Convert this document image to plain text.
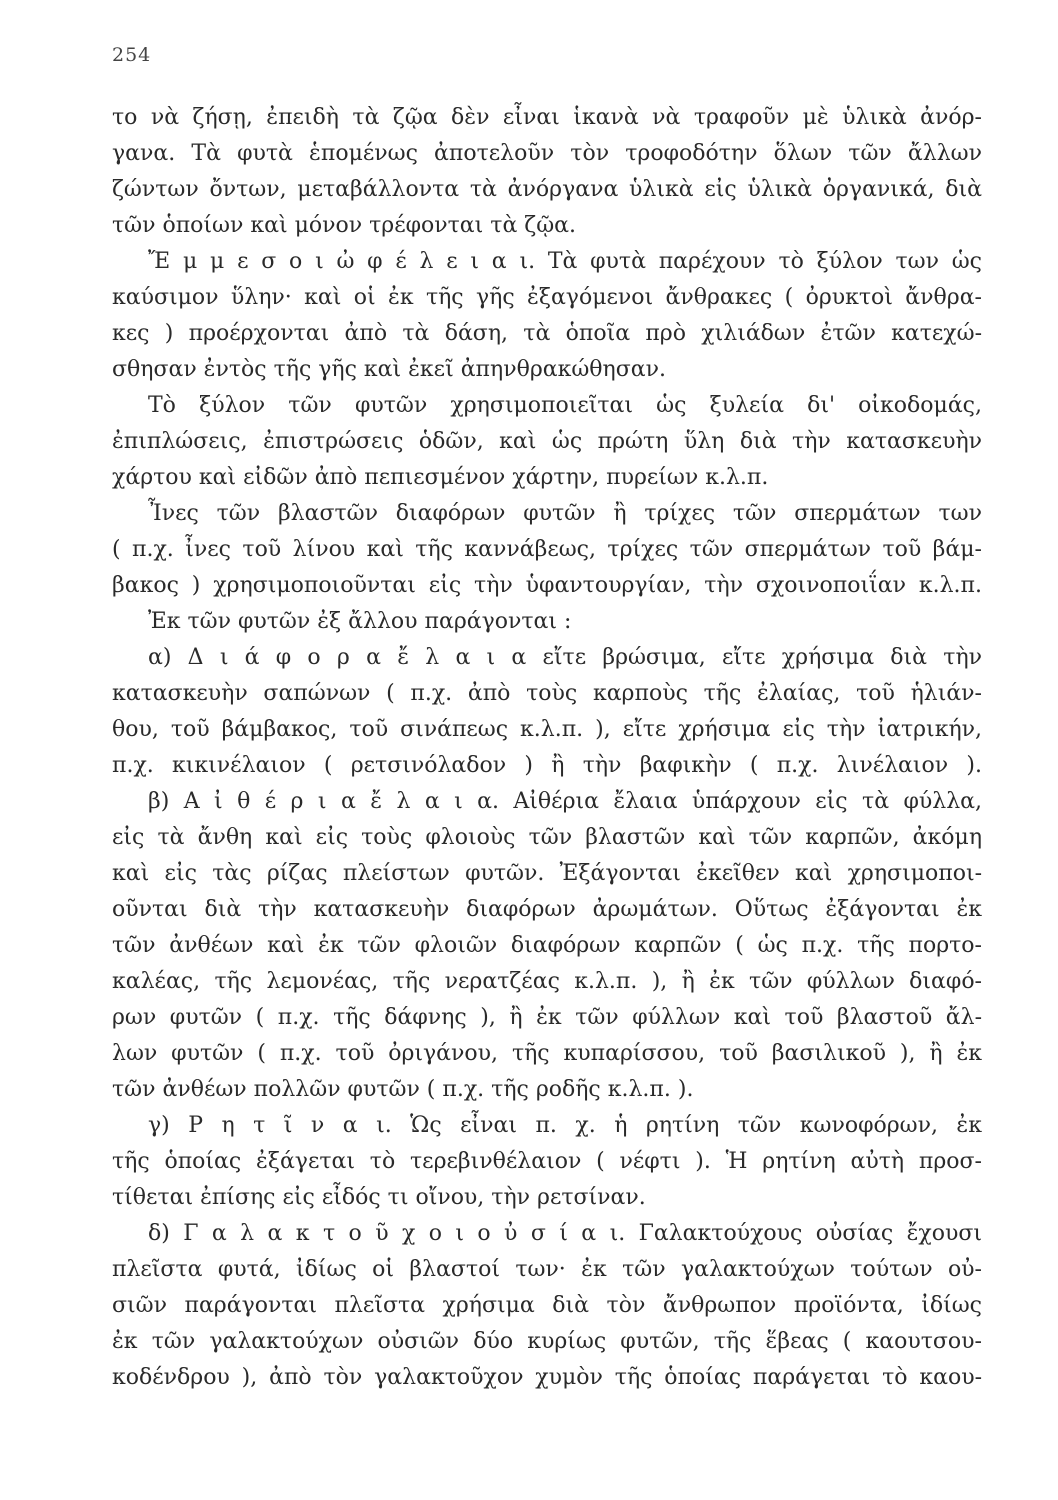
254
το νὰ ζήσῃ, ἐπειδὴ τὰ ζῷα δὲν εἶναι ἱκανὰ νὰ τραφοῦν μὲ ὑλικὰ ἀνόρ-
γανα. Τὰ φυτὰ ἑπομένως ἀποτελοῦν τὸν τροφοδότην ὅλων τῶν ἄλλων
ζώντων ὄντων, μεταβάλλοντα τὰ ἀνόργανα ὑλικὰ εἰς ὑλικὰ ὀργανικά, διὰ
τῶν ὁποίων καὶ μόνον τρέφονται τὰ ζῷα.
Ἔ μ μ ε σ ο ι ὠ φ έ λ ε ι α ι. Τὰ φυτὰ παρέχουν τὸ ξύλον των ὡς
καύσιμον ὕλην· καὶ οἱ ἐκ τῆς γῆς ἐξαγόμενοι ἄνθρακες ( ὀρυκτοὶ ἄνθρα-
κες ) προέρχονται ἀπὸ τὰ δάση, τὰ ὁποῖα πρὸ χιλιάδων ἐτῶν κατεχώ-
σθησαν ἐντὸς τῆς γῆς καὶ ἐκεῖ ἀπηνθρακώθησαν.
Τὸ ξύλον τῶν φυτῶν χρησιμοποιεῖται ὡς ξυλεία δι' οἰκοδομάς,
ἐπιπλώσεις, ἐπιστρώσεις ὁδῶν, καὶ ὡς πρώτη ὕλη διὰ τὴν κατασκευὴν
χάρτου καὶ εἰδῶν ἀπὸ πεπιεσμένον χάρτην, πυρείων κ.λ.π.
Ἶνες τῶν βλαστῶν διαφόρων φυτῶν ἢ τρίχες τῶν σπερμάτων των
( π.χ. ἶνες τοῦ λίνου καὶ τῆς καννάβεως, τρίχες τῶν σπερμάτων τοῦ βάμ-
βακος ) χρησιμοποιοῦνται εἰς τὴν ὑφαντουργίαν, τὴν σχοινοποιΐαν κ.λ.π.
Ἐκ τῶν φυτῶν ἐξ ἄλλου παράγονται :
α) Δ ι ά φ ο ρ α ἔ λ α ι α εἴτε βρώσιμα, εἴτε χρήσιμα διὰ τὴν
κατασκευὴν σαπώνων ( π.χ. ἀπὸ τοὺς καρποὺς τῆς ἐλαίας, τοῦ ἡλιάν-
θου, τοῦ βάμβακος, τοῦ σινάπεως κ.λ.π. ), εἴτε χρήσιμα εἰς τὴν ἰατρικήν,
π.χ. κικινέλαιον ( ρετσινόλαδον ) ἢ τὴν βαφικὴν ( π.χ. λινέλαιον ).
β) Α ἰ θ έ ρ ι α ἔ λ α ι α. Αἰθέρια ἔλαια ὑπάρχουν εἰς τὰ φύλλα,
εἰς τὰ ἄνθη καὶ εἰς τοὺς φλοιοὺς τῶν βλαστῶν καὶ τῶν καρπῶν, ἀκόμη
καὶ εἰς τὰς ρίζας πλείστων φυτῶν. Ἐξάγονται ἐκεῖθεν καὶ χρησιμοποι-
οῦνται διὰ τὴν κατασκευὴν διαφόρων ἀρωμάτων. Οὕτως ἐξάγονται ἐκ
τῶν ἀνθέων καὶ ἐκ τῶν φλοιῶν διαφόρων καρπῶν ( ὡς π.χ. τῆς πορτο-
καλέας, τῆς λεμονέας, τῆς νερατζέας κ.λ.π. ), ἢ ἐκ τῶν φύλλων διαφό-
ρων φυτῶν ( π.χ. τῆς δάφνης ), ἢ ἐκ τῶν φύλλων καὶ τοῦ βλαστοῦ ἄλ-
λων φυτῶν ( π.χ. τοῦ ὀριγάνου, τῆς κυπαρίσσου, τοῦ βασιλικοῦ ), ἢ ἐκ
τῶν ἀνθέων πολλῶν φυτῶν ( π.χ. τῆς ροδῆς κ.λ.π. ).
γ) Ρ η τ ῖ ν α ι. Ὡς εἶναι π. χ. ἡ ρητίνη τῶν κωνοφόρων, ἐκ
τῆς ὁποίας ἐξάγεται τὸ τερεβινθέλαιον ( νέφτι ). Ἡ ρητίνη αὐτὴ προσ-
τίθεται ἐπίσης εἰς εἶδός τι οἴνου, τὴν ρετσίναν.
δ) Γ α λ α κ τ ο ῦ χ ο ι ο ὐ σ ί α ι. Γαλακτούχους οὐσίας ἔχουσι
πλεῖστα φυτά, ἰδίως οἱ βλαστοί των· ἐκ τῶν γαλακτούχων τούτων οὐ-
σιῶν παράγονται πλεῖστα χρήσιμα διὰ τὸν ἄνθρωπον προϊόντα, ἰδίως
ἐκ τῶν γαλακτούχων οὐσιῶν δύο κυρίως φυτῶν, τῆς ἕβεας ( καουτσου-
κοδένδρου ), ἀπὸ τὸν γαλακτοῦχον χυμὸν τῆς ὁποίας παράγεται τὸ καου-
